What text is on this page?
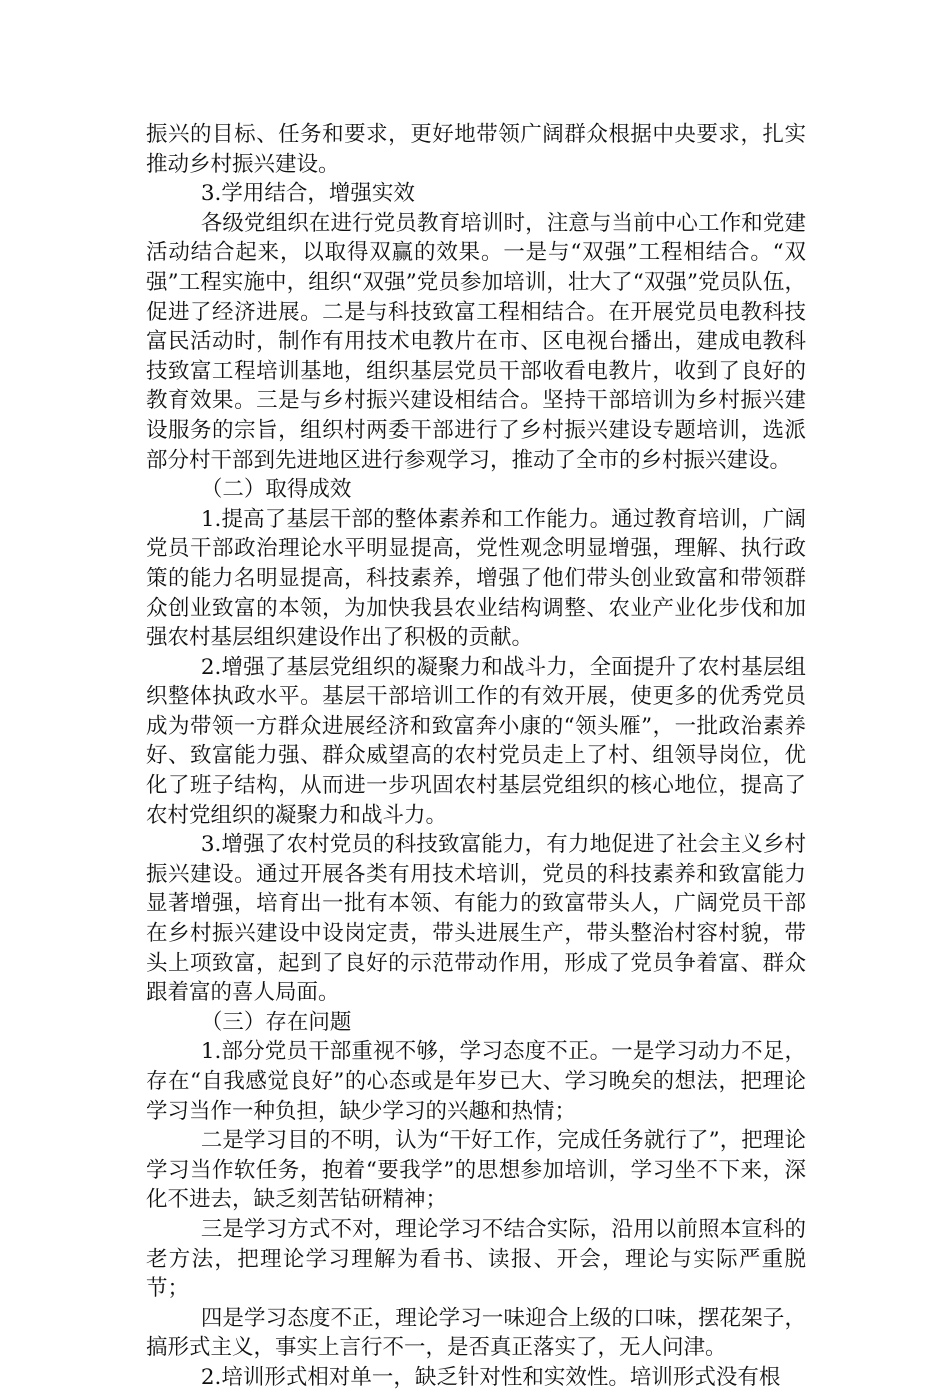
振兴的目标、任务和要求，更好地带领广阔群众根据中央要求，扎实推动乡村振兴建设。

3.学用结合，增强实效

各级党组织在进行党员教育培训时，注意与当前中心工作和党建活动结合起来，以取得双赢的效果。一是与“双强”工程相结合。“双强”工程实施中，组织“双强”党员参加培训，壮大了“双强”党员队伍，促进了经济进展。二是与科技致富工程相结合。在开展党员电教科技富民活动时，制作有用技术电教片在市、区电视台播出，建成电教科技致富工程培训基地，组织基层党员干部收看电教片，收到了良好的教育效果。三是与乡村振兴建设相结合。坚持干部培训为乡村振兴建设服务的宗旨，组织村两委干部进行了乡村振兴建设专题培训，选派部分村干部到先进地区进行参观学习，推动了全市的乡村振兴建设。

（二）取得成效

1.提高了基层干部的整体素养和工作能力。通过教育培训，广阔党员干部政治理论水平明显提高，党性观念明显增强，理解、执行政策的能力名明显提高，科技素养，增强了他们带头创业致富和带领群众创业致富的本领，为加快我县农业结构调整、农业产业化步伐和加强农村基层组织建设作出了积极的贡献。

2.增强了基层党组织的凝聚力和战斗力，全面提升了农村基层组织整体执政水平。基层干部培训工作的有效开展，使更多的优秀党员成为带领一方群众进展经济和致富奔小康的“领头雁”，一批政治素养好、致富能力强、群众威望高的农村党员走上了村、组领导岗位，优化了班子结构，从而进一步巩固农村基层党组织的核心地位，提高了农村党组织的凝聚力和战斗力。

3.增强了农村党员的科技致富能力，有力地促进了社会主义乡村振兴建设。通过开展各类有用技术培训，党员的科技素养和致富能力显著增强，培育出一批有本领、有能力的致富带头人，广阔党员干部在乡村振兴建设中设岗定责，带头进展生产，带头整治村容村貌，带头上项致富，起到了良好的示范带动作用，形成了党员争着富、群众跟着富的喜人局面。

（三）存在问题

1.部分党员干部重视不够，学习态度不正。一是学习动力不足，存在“自我感觉良好”的心态或是年岁已大、学习晚矣的想法，把理论学习当作一种负担，缺少学习的兴趣和热情；

二是学习目的不明，认为“干好工作，完成任务就行了”，把理论学习当作软任务，抱着“要我学”的思想参加培训，学习坐不下来，深化不进去，缺乏刻苦钻研精神；

三是学习方式不对，理论学习不结合实际，沿用以前照本宣科的老方法，把理论学习理解为看书、读报、开会，理论与实际严重脱节；

四是学习态度不正，理论学习一味迎合上级的口味，摆花架子，搞形式主义，事实上言行不一，是否真正落实了，无人问津。

2.培训形式相对单一，缺乏针对性和实效性。培训形式没有根
